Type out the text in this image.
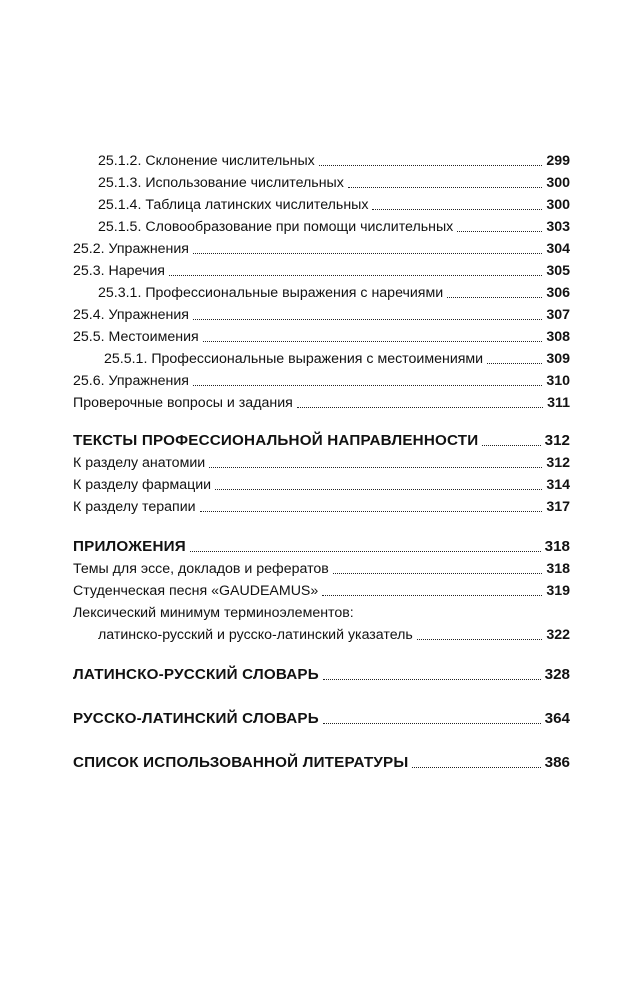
25.1.2. Склонение числительных	299
25.1.3. Использование числительных	300
25.1.4. Таблица латинских числительных	300
25.1.5. Словообразование при помощи числительных	303
25.2. Упражнения	304
25.3. Наречия	305
25.3.1. Профессиональные выражения с наречиями	306
25.4. Упражнения	307
25.5. Местоимения	308
25.5.1. Профессиональные выражения с местоимениями	309
25.6. Упражнения	310
Проверочные вопросы и задания	311
ТЕКСТЫ ПРОФЕССИОНАЛЬНОЙ НАПРАВЛЕННОСТИ	312
К разделу анатомии	312
К разделу фармации	314
К разделу терапии	317
ПРИЛОЖЕНИЯ	318
Темы для эссе, докладов и рефератов	318
Студенческая песня «GAUDEAMUS»	319
Лексический минимум терминоэлементов:
латинско-русский и русско-латинский указатель	322
ЛАТИНСКО-РУССКИЙ СЛОВАРЬ	328
РУССКО-ЛАТИНСКИЙ СЛОВАРЬ	364
СПИСОК ИСПОЛЬЗОВАННОЙ ЛИТЕРАТУРЫ	386
